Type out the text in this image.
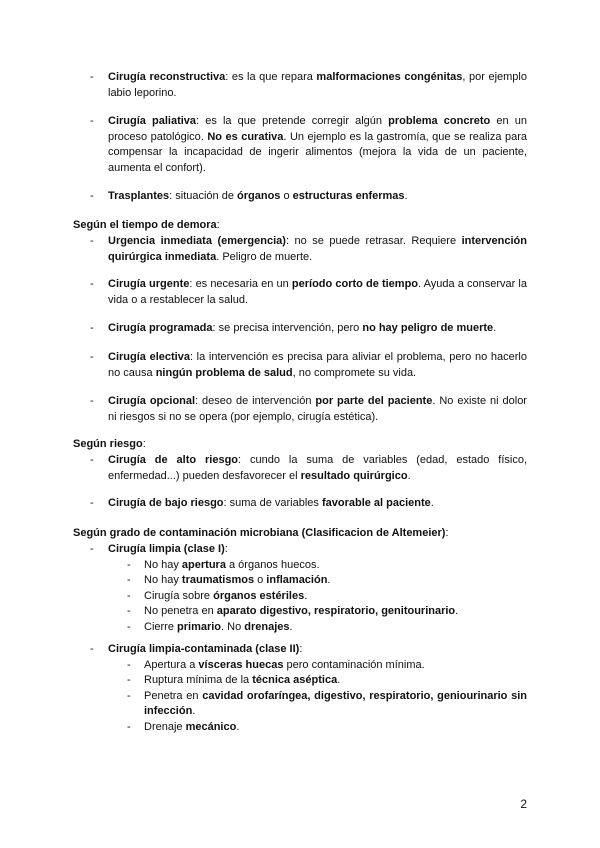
- Cirugía reconstructiva: es la que repara malformaciones congénitas, por ejemplo labio leporino.
- Cirugía paliativa: es la que pretende corregir algún problema concreto en un proceso patológico. No es curativa. Un ejemplo es la gastromía, que se realiza para compensar la incapacidad de ingerir alimentos (mejora la vida de un paciente, aumenta el confort).
- Trasplantes: situación de órganos o estructuras enfermas.
Según el tiempo de demora:
- Urgencia inmediata (emergencia): no se puede retrasar. Requiere intervención quirúrgica inmediata. Peligro de muerte.
- Cirugía urgente: es necesaria en un período corto de tiempo. Ayuda a conservar la vida o a restablecer la salud.
- Cirugía programada: se precisa intervención, pero no hay peligro de muerte.
- Cirugía electiva: la intervención es precisa para aliviar el problema, pero no hacerlo no causa ningún problema de salud, no compromete su vida.
- Cirugía opcional: deseo de intervención por parte del paciente. No existe ni dolor ni riesgos si no se opera (por ejemplo, cirugía estética).
Según riesgo:
- Cirugía de alto riesgo: cundo la suma de variables (edad, estado físico, enfermedad...) pueden desfavorecer el resultado quirúrgico.
- Cirugía de bajo riesgo: suma de variables favorable al paciente.
Según grado de contaminación microbiana (Clasificacion de Altemeier):
- Cirugía limpia (clase I):
- No hay apertura a órganos huecos.
- No hay traumatismos o inflamación.
- Cirugía sobre órganos estériles.
- No penetra en aparato digestivo, respiratorio, genitourinario.
- Cierre primario. No drenajes.
- Cirugía limpia-contaminada (clase II):
- Apertura a vísceras huecas pero contaminación mínima.
- Ruptura mínima de la técnica aséptica.
- Penetra en cavidad orofaríngea, digestivo, respiratorio, geniourinario sin infección.
- Drenaje mecánico.
2
